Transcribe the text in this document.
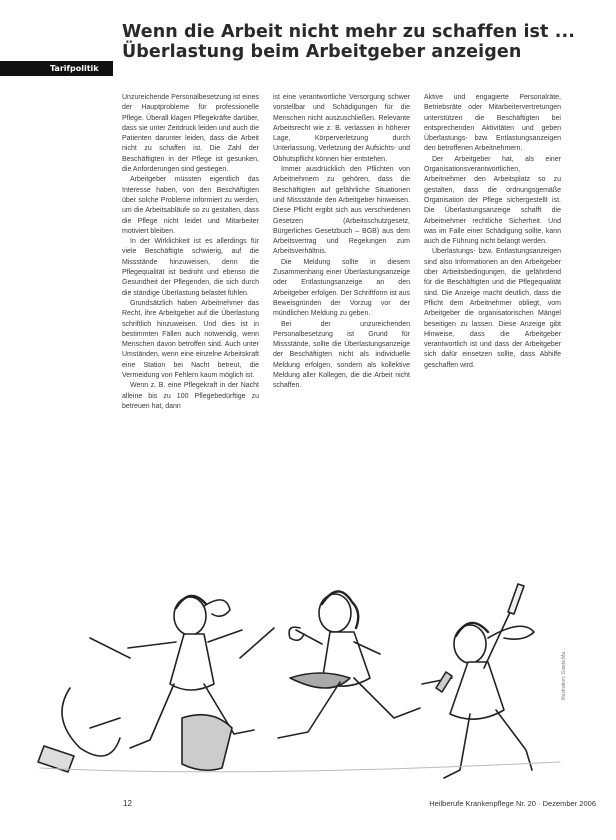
Wenn die Arbeit nicht mehr zu schaffen ist ...
Überlastung beim Arbeitgeber anzeigen
Tarifpolitik

Unzureichende Personalbesetzung ist eines der Hauptprobleme für professionelle Pflege. Überall klagen Pflegekräfte darüber, dass sie unter Zeitdruck leiden und auch die Patienten darunter leiden, dass die Arbeit nicht zu schaffen ist. Die Zahl der Beschäftigten in der Pflege ist gesunken, die Anforderungen sind gestiegen.

Arbeitgeber müssten eigentlich das Interesse haben, von den Beschäftigten über solche Probleme informiert zu werden, um die Arbeitsabläufe so zu gestalten, dass die Pflege nicht leidet und Mitarbeiter motiviert bleiben.

In der Wirklichkeit ist es allerdings für viele Beschäftigte schwierig, auf die Missstände hinzuweisen, denn die Pflegequalität ist bedroht und ebenso die Gesundheit der Pflegenden, die sich durch die ständige Überlastung belastet fühlen.

Grundsätzlich haben Arbeitnehmer das Recht, ihre Arbeitgeber auf die Überlastung schriftlich hinzuweisen. Und dies ist in bestimmten Fällen auch notwendig, wenn Menschen davon betroffen sind. Auch unter Umständen, wenn eine einzelne Arbeitskraft eine Station bei Nacht betreut, die Vermeidung von Fehlern kaum möglich ist.

Wenn z. B. eine Pflegekraft in der Nacht alleine bis zu 100 Pflegebedürftige zu betreuen hat, dann

ist eine verantwortliche Versorgung schwer vorstellbar und Schädigungen für die Menschen nicht auszuschließen. Relevante Arbeitsrecht wie z. B. verlassen in höherer Lage, Körperverletzung durch Unterlassung, Verletzung der Aufsichts- und Obhutspflicht können hier entstehen.

Immer ausdrücklich den Pflichten von Arbeitnehmern zu gehören, dass die Beschäftigten auf gefährliche Situationen und Missstände den Arbeitgeber hinweisen. Diese Pflicht ergibt sich aus verschiedenen Gesetzen (Arbeitsschutzgesetz, Bürgerliches Gesetzbuch – BGB) aus dem Arbeitsvertrag und Regelungen zum Arbeitsverhältnis.

Die Meldung sollte in diesem Zusammenhang einer Überlastungsanzeige oder Entlastungsanzeige an den Arbeitgeber erfolgen. Der Schriftform ist aus Beweisgründen der Vorzug vor der mündlichen Meldung zu geben.

Bei der unzureichenden Personalbesetzung ist Grund für Missstände, sollte die Überlastungsanzeige der Beschäftigten nicht als individuelle Meldung erfolgen, sondern als kollektive Meldung aller Kollegen, die die Arbeit nicht schaffen.

Aktive und engagierte Personalräte, Betriebsräte oder Mitarbeitervertretungen unterstützen die Beschäftigten bei entsprechenden Aktivitäten und geben Überlastungs- bzw. Entlastungsanzeigen den betroffenen Arbeitnehmern.

Der Arbeitgeber hat, als einer Organisationsverantwortlichen, Arbeitnehmer den Arbeitsplatz so zu gestalten, dass die ordnungsgemäße Organisation der Pflege sichergestellt ist. Die Überlastungsanzeige schafft die Arbeitnehmer rechtliche Sicherheit. Und was im Falle einer Schädigung sollte, kann auch die Führung nicht belangt werden.

Überlastungs- bzw. Entlastungsanzeigen sind also Informationen an den Arbeitgeber über Arbeitsbedingungen, die gefährdend für die Beschäftigten und die Pflegequalität sind. Die Anzeige macht deutlich, dass die Pflicht dem Arbeitnehmer obliegt, vom Arbeitgeber die organisatorischen Mängel beseitigen zu lassen. Diese Anzeige gibt Hinweise, dass die Arbeitgeber verantwortlich ist und dass der Arbeitgeber sich dafür einsetzen sollte, dass Abhilfe geschaffen wird.

Illustration: Gisela Ma...
12	Heilberufe Krankenpflege Nr. 20 · Dezember 2006
